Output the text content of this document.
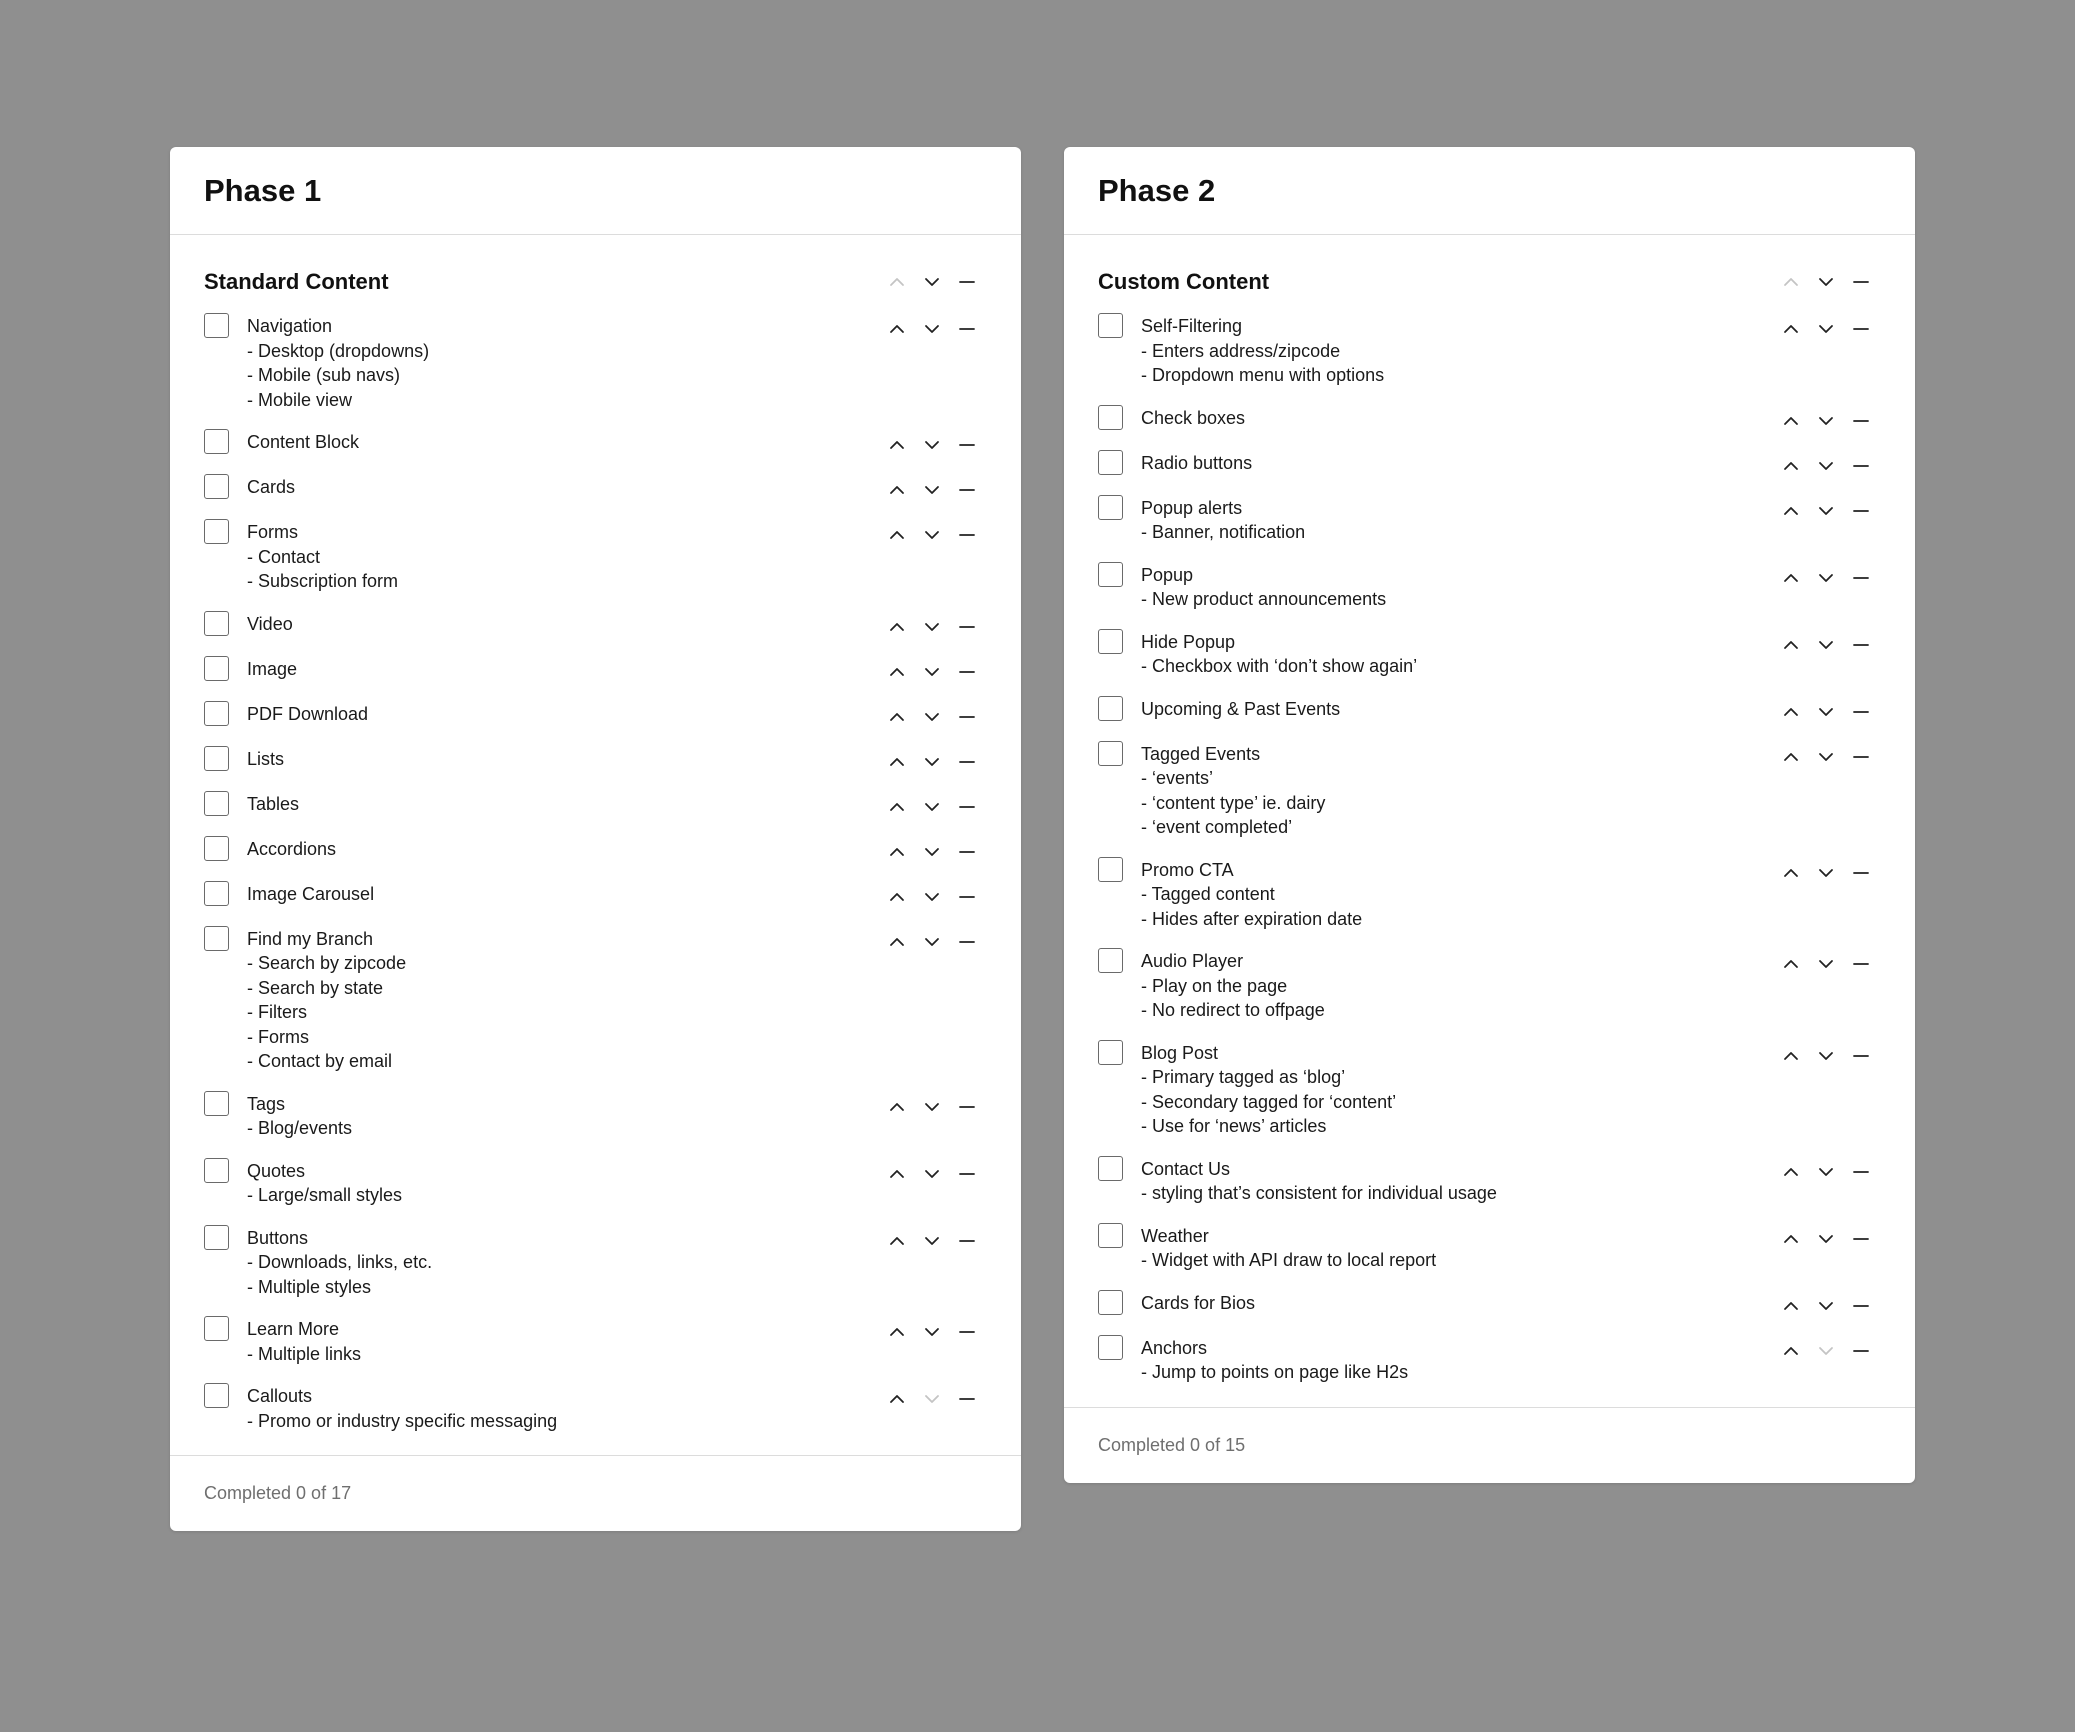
Phase 1
Standard Content
Navigation
- Desktop (dropdowns)
- Mobile (sub navs)
- Mobile view
Content Block
Cards
Forms
- Contact
- Subscription form
Video
Image
PDF Download
Lists
Tables
Accordions
Image Carousel
Find my Branch
- Search by zipcode
- Search by state
- Filters
- Forms
- Contact by email
Tags
- Blog/events
Quotes
- Large/small styles
Buttons
- Downloads, links, etc.
- Multiple styles
Learn More
- Multiple links
Callouts
- Promo or industry specific messaging
Completed 0 of 17
Phase 2
Custom Content
Self-Filtering
- Enters address/zipcode
- Dropdown menu with options
Check boxes
Radio buttons
Popup alerts
- Banner, notification
Popup
- New product announcements
Hide Popup
- Checkbox with ‘don’t show again’
Upcoming & Past Events
Tagged Events
- ‘events’
- ‘content type’ ie. dairy
- ‘event completed’
Promo CTA
- Tagged content
- Hides after expiration date
Audio Player
- Play on the page
- No redirect to offpage
Blog Post
- Primary tagged as ‘blog’
- Secondary tagged for ‘content’
- Use for ‘news’ articles
Contact Us
- styling that’s consistent for individual usage
Weather
- Widget with API draw to local report
Cards for Bios
Anchors
- Jump to points on page like H2s
Completed 0 of 15
